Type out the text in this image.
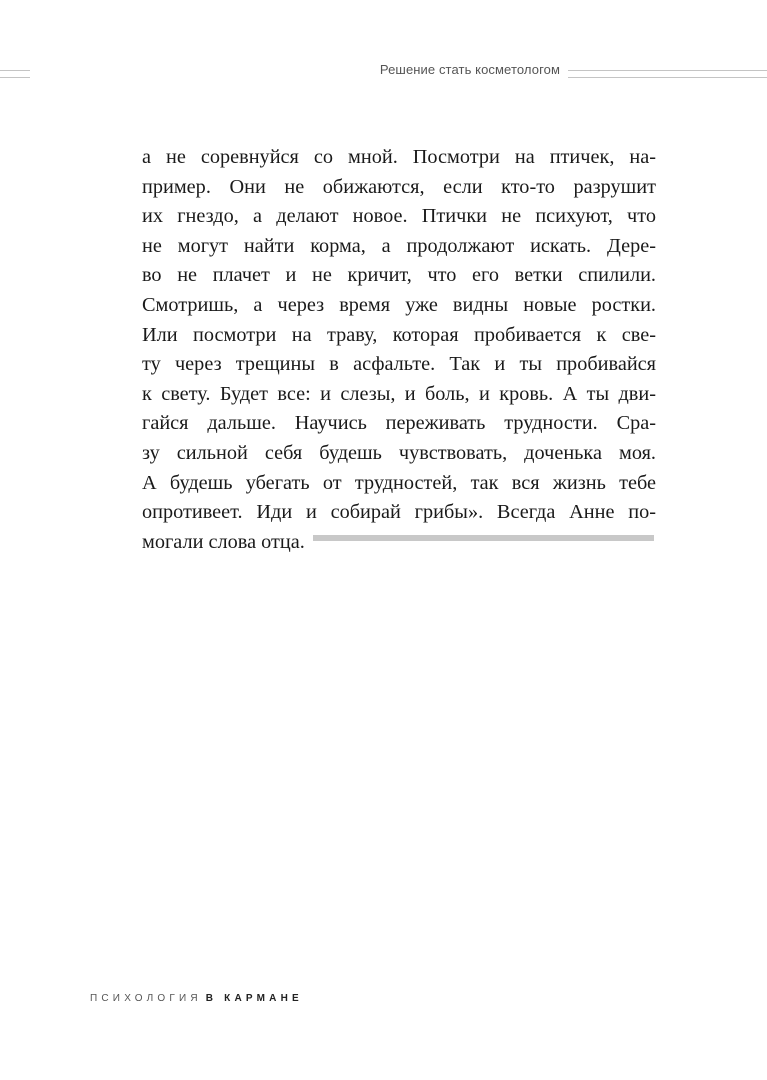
Решение стать косметологом
а не соревнуйся со мной. Посмотри на птичек, на-
пример. Они не обижаются, если кто-то разрушит
их гнездо, а делают новое. Птички не психуют, что
не могут найти корма, а продолжают искать. Дере-
во не плачет и не кричит, что его ветки спилили.
Смотришь, а через время уже видны новые ростки.
Или посмотри на траву, которая пробивается к све-
ту через трещины в асфальте. Так и ты пробивайся
к свету. Будет все: и слезы, и боль, и кровь. А ты дви-
гайся дальше. Научись переживать трудности. Сра-
зу сильной себя будешь чувствовать, доченька моя.
А будешь убегать от трудностей, так вся жизнь тебе
опротивеет. Иди и собирай грибы». Всегда Анне по-
могали слова отца.
ПСИХОЛОГИЯ В КАРМАНЕ
